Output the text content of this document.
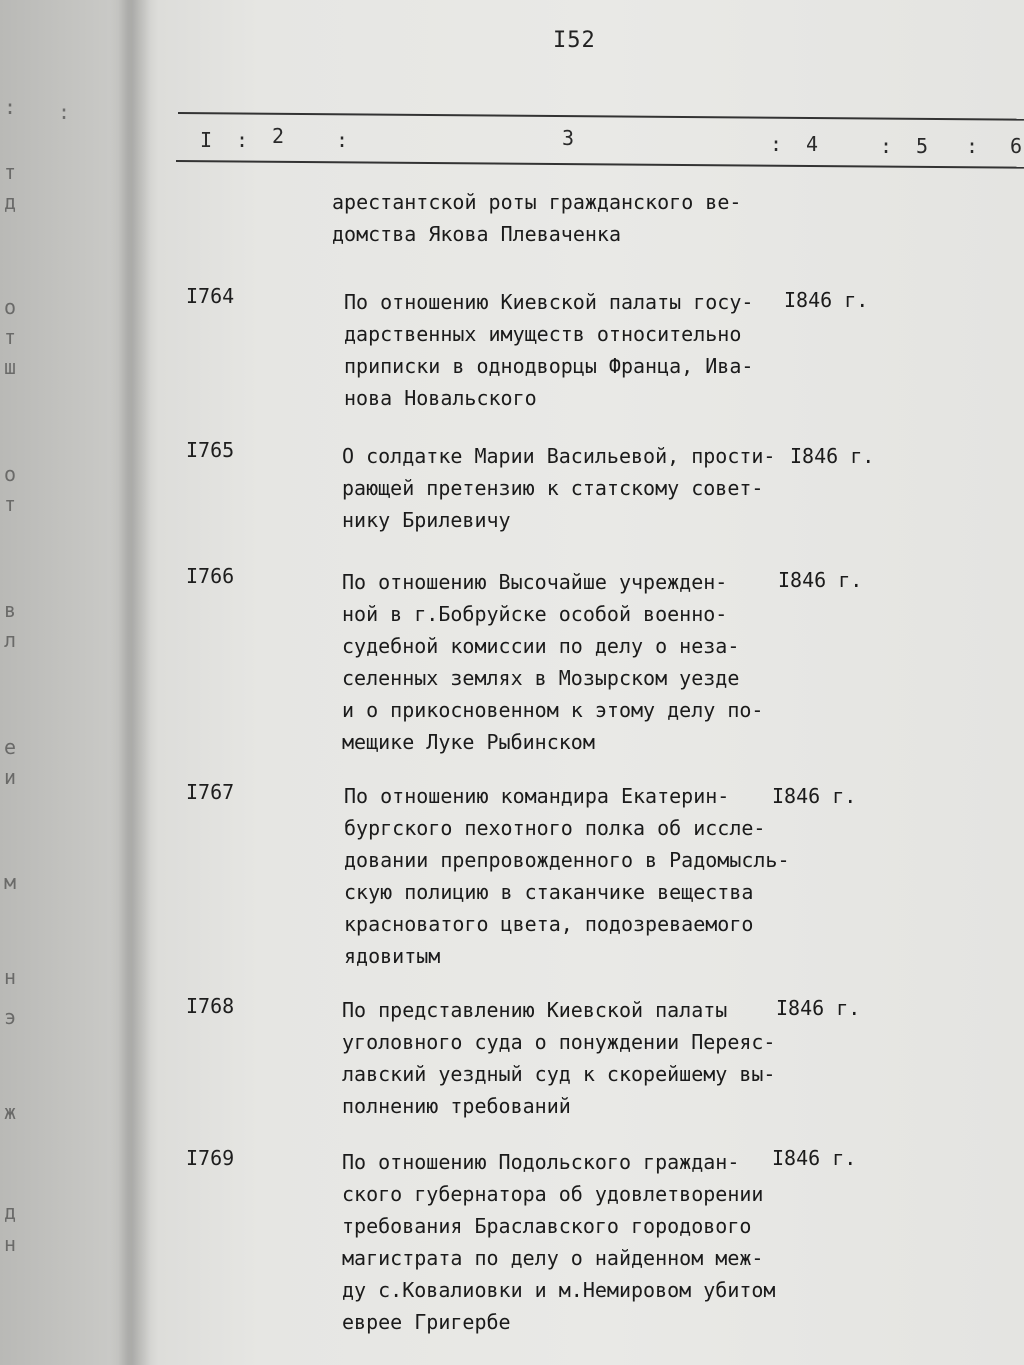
: :
т
д
о
т
ш
о
т
в
л
е
и
м
н
э
ж
д
н
I52
I : 2	:	3	: 4	: 5 : 6
арестантской роты гражданского ве-
домства Якова Плеваченка
I764	По отношению Киевской палаты госу-
дарственных имуществ относительно
приписки в однодворцы Франца, Ива-
нова Новальского
I846 г.
I765	О солдатке Марии Васильевой, прости-
рающей претензию к статскому совет-
нику Брилевичу
I846 г.
I766	По отношению Высочайше учрежден-
ной в г.Бобруйске особой военно-
судебной комиссии по делу о неза-
селенных землях в Мозырском уезде
и о прикосновенном к этому делу по-
мещике Луке Рыбинском
I846 г.
I767	По отношению командира Екатерин-
бургского пехотного полка об иссле-
довании препровожденного в Радомысль-
скую полицию в стаканчике вещества
красноватого цвета, подозреваемого
ядовитым
I846 г.
I768	По представлению Киевской палаты
уголовного суда о понуждении Переяс-
лавский уездный суд к скорейшему вы-
полнению требований
I846 г.
I769	По отношению Подольского граждан-
ского губернатора об удовлетворении
требования Браславского городового
магистрата по делу о найденном меж-
ду с.Ковалиовки и м.Немировом убитом
еврее Григербе
I846 г.
